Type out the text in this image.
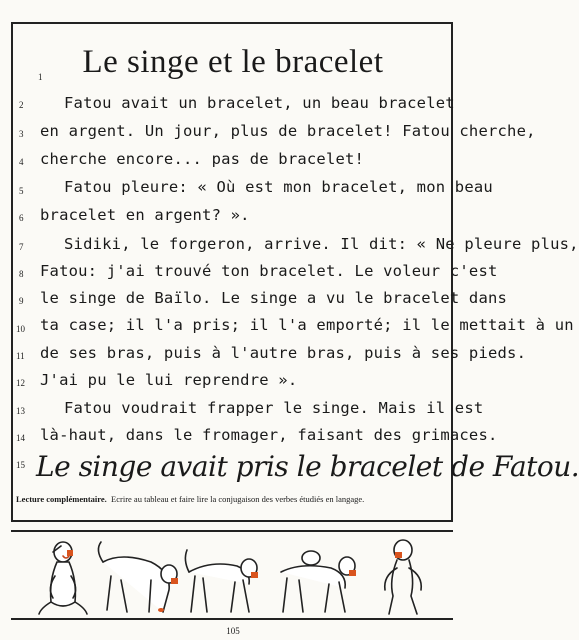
Le singe et le bracelet
1
2
3
4
5
6
7
8
9
10
11
12
13
14
15
Fatou avait un bracelet, un beau bracelet
en argent. Un jour, plus de bracelet! Fatou cherche,
cherche encore... pas de bracelet!
Fatou pleure: « Où est mon bracelet, mon beau
bracelet en argent? ».
Sidiki, le forgeron, arrive. Il dit: « Ne pleure plus,
Fatou: j'ai trouvé ton bracelet. Le voleur c'est
le singe de Baïlo. Le singe a vu le bracelet dans
ta case; il l'a pris; il l'a emporté; il le mettait à un
de ses bras, puis à l'autre bras, puis à ses pieds.
J'ai pu le lui reprendre ».
Fatou voudrait frapper le singe. Mais il est
là-haut, dans le fromager, faisant des grimaces.
Le singe avait pris le bracelet de Fatou.
Lecture complémentaire. Ecrire au tableau et faire lire la conjugaison des verbes étudiés en langage.
105
